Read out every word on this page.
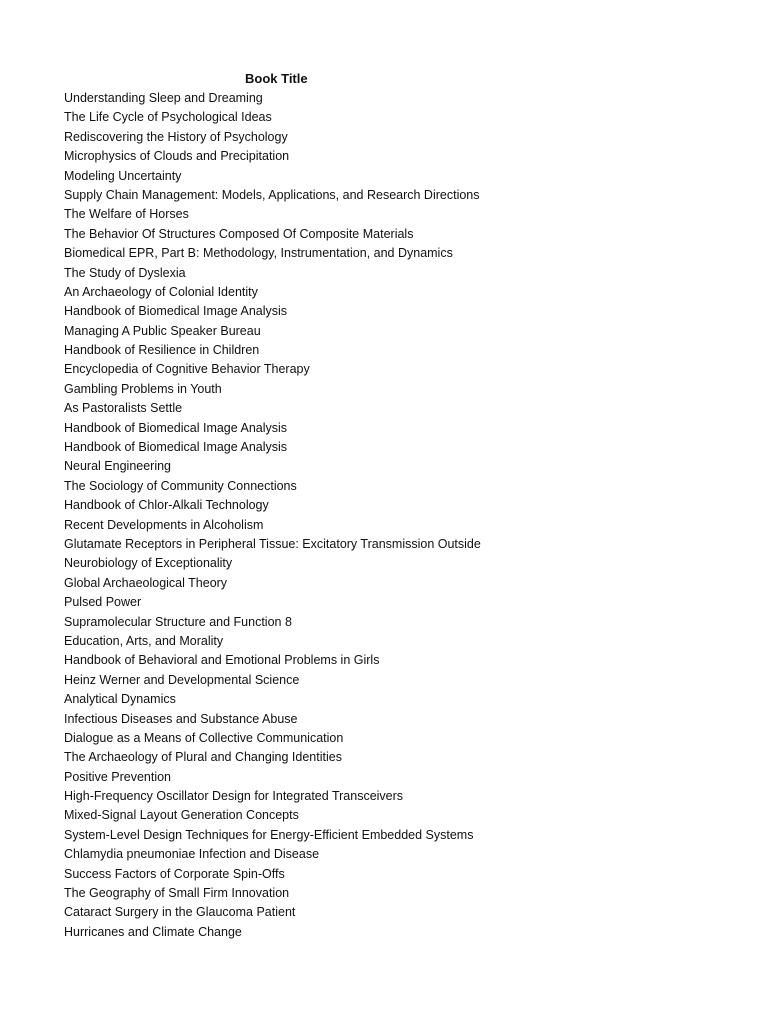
Book Title
Understanding Sleep and Dreaming
The Life Cycle of Psychological Ideas
Rediscovering the History of Psychology
Microphysics of Clouds and Precipitation
Modeling Uncertainty
Supply Chain Management: Models, Applications, and Research Directions
The Welfare of Horses
The Behavior Of Structures Composed Of Composite Materials
Biomedical EPR, Part B: Methodology, Instrumentation, and Dynamics
The Study of Dyslexia
An Archaeology of Colonial Identity
Handbook of Biomedical Image Analysis
Managing A Public Speaker Bureau
Handbook of Resilience in Children
Encyclopedia of Cognitive Behavior Therapy
Gambling Problems in Youth
As Pastoralists Settle
Handbook of Biomedical Image Analysis
Handbook of Biomedical Image Analysis
Neural Engineering
The Sociology of Community Connections
Handbook of Chlor-Alkali Technology
Recent Developments in Alcoholism
Glutamate Receptors in Peripheral Tissue: Excitatory Transmission Outside
Neurobiology of Exceptionality
Global Archaeological Theory
Pulsed Power
Supramolecular Structure and Function 8
Education, Arts, and Morality
Handbook of Behavioral and Emotional Problems in Girls
Heinz Werner and Developmental Science
Analytical Dynamics
Infectious Diseases and Substance Abuse
Dialogue as a Means of Collective Communication
The Archaeology of Plural and Changing Identities
Positive Prevention
High-Frequency Oscillator Design for Integrated Transceivers
Mixed-Signal Layout Generation Concepts
System-Level Design Techniques for Energy-Efficient Embedded Systems
Chlamydia pneumoniae Infection and Disease
Success Factors of Corporate Spin-Offs
The Geography of Small Firm Innovation
Cataract Surgery in the Glaucoma Patient
Hurricanes and Climate Change
